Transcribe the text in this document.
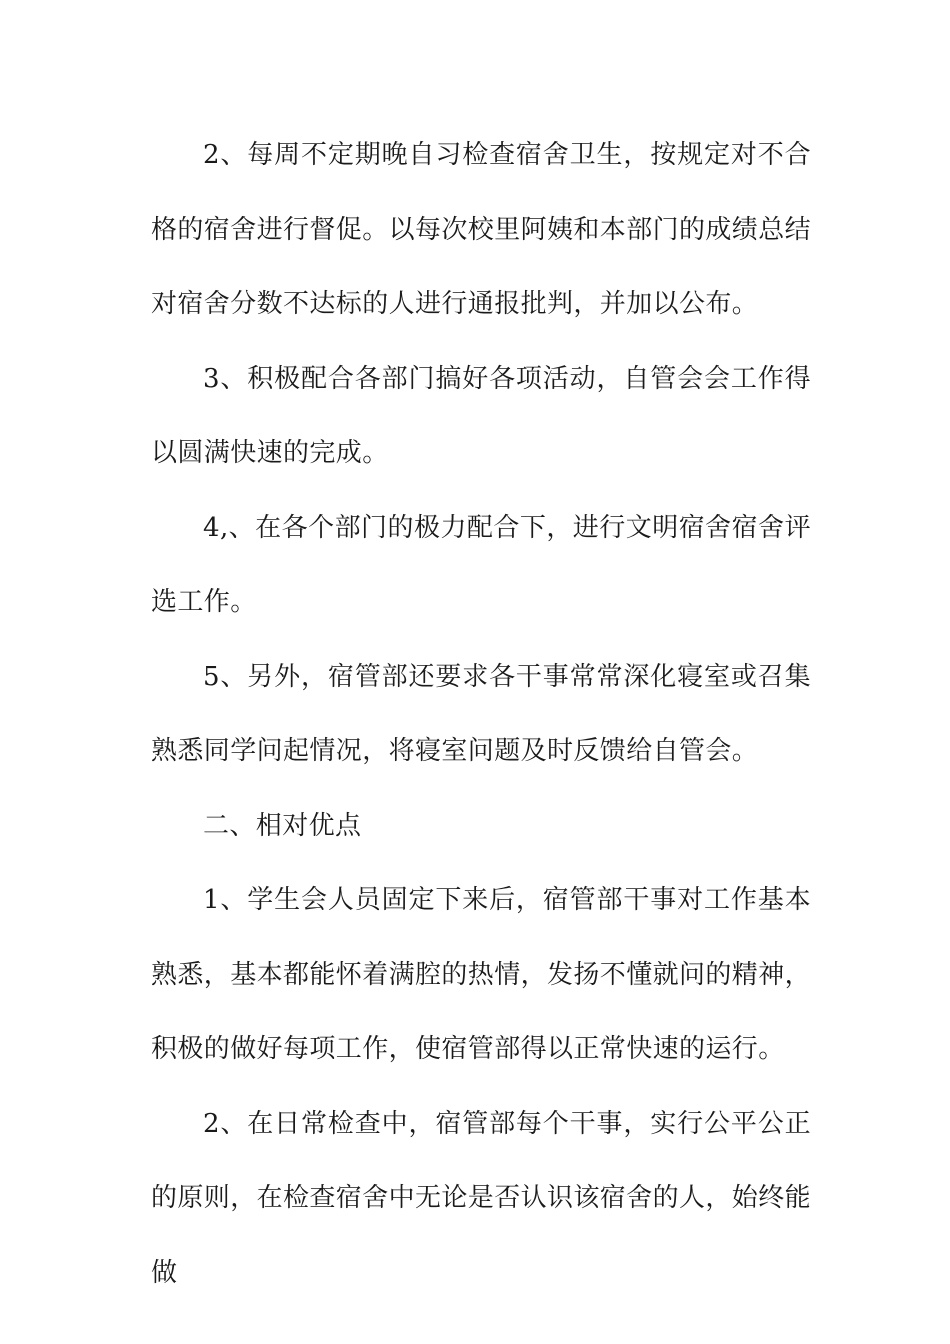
2、每周不定期晚自习检查宿舍卫生，按规定对不合格的宿舍进行督促。以每次校里阿姨和本部门的成绩总结对宿舍分数不达标的人进行通报批判，并加以公布。

3、积极配合各部门搞好各项活动，自管会会工作得以圆满快速的完成。

4,、在各个部门的极力配合下，进行文明宿舍宿舍评选工作。

5、另外，宿管部还要求各干事常常深化寝室或召集熟悉同学问起情况，将寝室问题及时反馈给自管会。

二、相对优点

1、学生会人员固定下来后，宿管部干事对工作基本熟悉，基本都能怀着满腔的热情，发扬不懂就问的精神，积极的做好每项工作，使宿管部得以正常快速的运行。

2、在日常检查中，宿管部每个干事，实行公平公正的原则，在检查宿舍中无论是否认识该宿舍的人，始终能做
